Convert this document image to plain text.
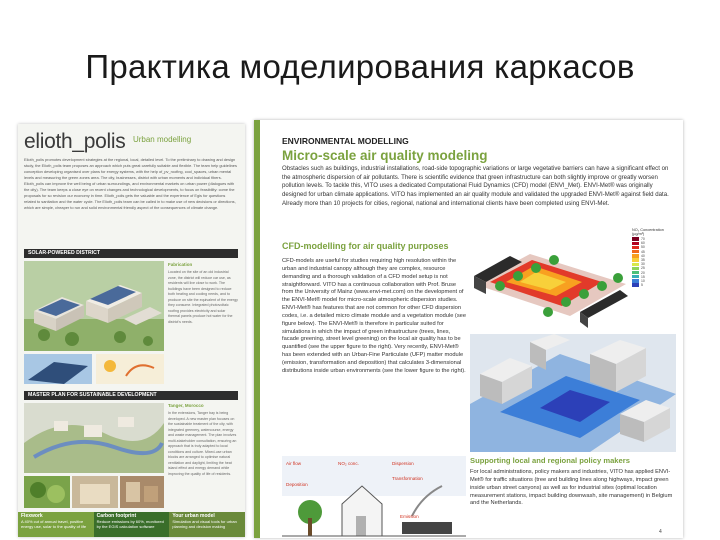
Практика моделирования каркасов
elioth_polis $^{Urban modelling}$
Elioth_polis promotes development strategies at the regional, local, detailed level. To the preliminary to drawing and design study, the Elioth_polis team proposes an approach which puts great carefully suitable and flexible. The team help guidelines conception developing organised over plans for energy systems, with the help of_pv_roofing, cool_spaces, urban mental levels and measuring the green zones area. The city, businesses, district with urban moments and individual fibers. Elioth_polis can improve the well being of urban surroundings, and environmental markets on urban power (dialogues with the city). The team keeps a close eye on recent changes and technological developments, to focus on feasibility: come the proposals for so revision our economy in time. Elioth_polis gets the valuable and the experience of Egis for questions related to sanitation and the water cycle. The Elioth_polis team can be called in to make use of new decisions or directions, which are simple, cheaper to run and solid environmental friendly aspect of the consequences of climate change.
SOLAR-POWERED DISTRICT
Fabrication
Located on the site of an old industrial zone, the district will reduce car use, as residents will live close to work. The buildings have been designed to reduce both heating and cooling needs, and to produce on site the equivalent of the energy they consume. Integrated photovoltaic roofing provides electricity and solar thermal panels produce hot water for the district's needs.
MASTER PLAN FOR SUSTAINABLE DEVELOPMENT
Tanger, Morocco
In the extensions, Tanger bay is being developed. A new master plan focuses on the sustainable treatment of the city, with integrated greenery, watercourse, energy and waste management. The plan involves multi-stakeholder consultation, ensuring an approach that is truly adapted to local conditions and culture. Mixed-use urban blocks are arranged to optimise natural ventilation and daylight, limiting the heat island effect and energy demand while improving the quality of life of residents.
Flexwork
A 40% cut of annual travel, positive energy use, solar to the quality of life
Carbon footprint
Reduce emissions by 60%, monitored by the EGIS calculation software
Your urban model
Simulation and visual tools for urban planning and decision making
ENVIRONMENTAL MODELLING
Micro-scale air quality modeling
Obstacles such as buildings, industrial installations, road-side topographic variations or large vegetative barriers can have a significant effect on the atmospheric dispersion of air pollutants. There is scientific evidence that green infrastructure can both slightly improve or greatly worsen pollution levels. To tackle this, VITO uses a dedicated Computational Fluid Dynamics (CFD) model (ENVI_Met). ENVI-Met® was originally designed for urban climate applications. VITO has implemented an air quality module and validated the upgraded ENVI-Met® against field data. Already more than 10 projects for cities, regional, national and international clients have been completed using ENVI-Met.
CFD-modelling for air quality purposes
CFD-models are useful for studies requiring high resolution within the urban and industrial canopy although they are complex, resource demanding and a thorough validation of a CFD model setup is not straightforward. VITO has a continuous collaboration with Prof. Bruse from the University of Mainz (www.envi-met.com) on the development of the ENVI-Met® model for micro-scale atmospheric dispersion studies. ENVI-Met® has features that are not common for other CFD dispersion codes, i.e. a detailed micro climate module and a vegetation module (see figure below). The ENVI-Met® is therefore in particular suited for simulations in which the impact of green infrastructure (trees, lines, facade greening, street level greening) on the local air quality has to be quantified (see the upper figure to the right). Very recently, ENVI-Met® has been extended with an Urban-Fine Particulate (UFP) matter module (emission, transformation and deposition) that calculates 3-dimensional distributions inside urban environments (see the lower figure to the right).
NO₂ Concentration (µg/m³)
70
60
50
45
40
35
30
25
20
15
10
5
Air flow	NO₂ conc.	Dispersion
Deposition
Emission
Transformation
Supporting local and regional policy makers
For local administrations, policy makers and industries, VITO has applied ENVI-Met® for traffic situations (tree and building lines along highways, impact green inside urban street canyons) as well as for industrial sites (optimal location measurement stations, impact building downwash, site management) in Belgium and the Netherlands.
4
